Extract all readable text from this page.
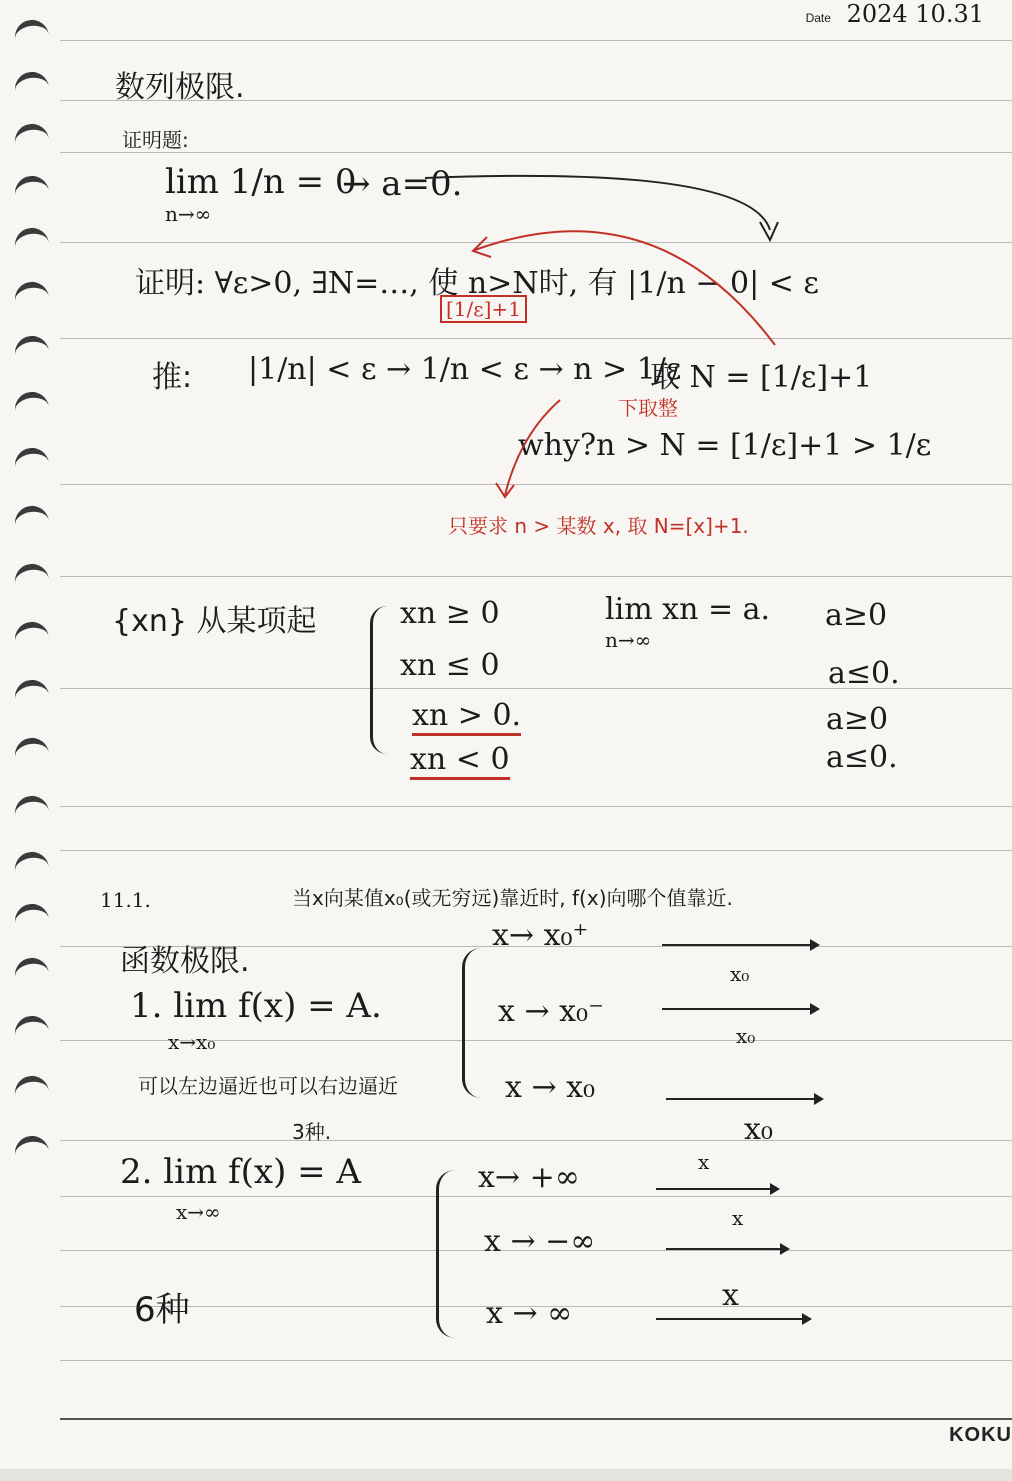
Date 2024 10.31
数列极限.
证明题:
lim 1/n = 0
n→∞
→ a=0.
证明: ∀ε>0, ∃N=…, 使 n>N时, 有 |1/n − 0| < ε
[1/ε]+1
推: |1/n| < ε → 1/n < ε → n > 1/ε
取 N = [1/ε]+1
下取整
why? n > N = [1/ε]+1 > 1/ε
只要求 n > 某数 x, 取 N=[x]+1.
{xn} 从某项起	xn ≥ 0
xn ≤ 0
xn > 0.
xn < 0
lim xn = a.
n→∞
a≥0
a≤0.
a≥0
a≤0.
11.1.	当x向某值x₀(或无穷远)靠近时, f(x)向哪个值靠近.
函数极限.
1. lim f(x) = A.
x→x₀
可以左边逼近也可以右边逼近
3种.
x→ x₀⁺
x → x₀⁻
x → x₀
x₀
x₀
x₀
2. lim f(x) = A
x→∞
6种
x→ +∞
x → −∞
x → ∞
x
x
x
KOKU
